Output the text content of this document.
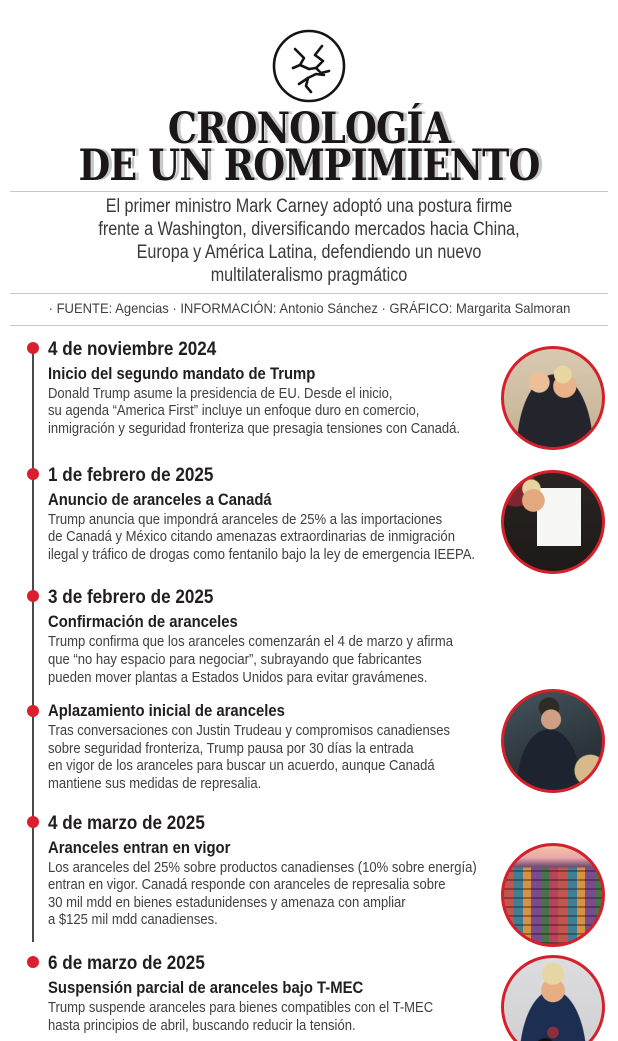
CRONOLOGÍA
DE UN ROMPIMIENTO

El primer ministro Mark Carney adoptó una postura firme
frente a Washington, diversificando mercados hacia China,
Europa y América Latina, defendiendo un nuevo
multilateralismo pragmático

· FUENTE: Agencias · INFORMACIÓN: Antonio Sánchez · GRÁFICO: Margarita Salmoran
4 de noviembre 2024
Inicio del segundo mandato de Trump
Donald Trump asume la presidencia de EU. Desde el inicio,
su agenda “America First” incluye un enfoque duro en comercio,
inmigración y seguridad fronteriza que presagia tensiones con Canadá.
1 de febrero de 2025
Anuncio de aranceles a Canadá
Trump anuncia que impondrá aranceles de 25% a las importaciones
de Canadá y México citando amenazas extraordinarias de inmigración
ilegal y tráfico de drogas como fentanilo bajo la ley de emergencia IEEPA.
3 de febrero de 2025
Confirmación de aranceles
Trump confirma que los aranceles comenzarán el 4 de marzo y afirma
que “no hay espacio para negociar”, subrayando que fabricantes
pueden mover plantas a Estados Unidos para evitar gravámenes.
Aplazamiento inicial de aranceles
Tras conversaciones con Justin Trudeau y compromisos canadienses
sobre seguridad fronteriza, Trump pausa por 30 días la entrada
en vigor de los aranceles para buscar un acuerdo, aunque Canadá
mantiene sus medidas de represalia.
4 de marzo de 2025
Aranceles entran en vigor
Los aranceles del 25% sobre productos canadienses (10% sobre energía)
entran en vigor. Canadá responde con aranceles de represalia sobre
30 mil mdd en bienes estadunidenses y amenaza con ampliar
a $125 mil mdd canadienses.
6 de marzo de 2025
Suspensión parcial de aranceles bajo T-MEC
Trump suspende aranceles para bienes compatibles con el T-MEC
hasta principios de abril, buscando reducir la tensión.
